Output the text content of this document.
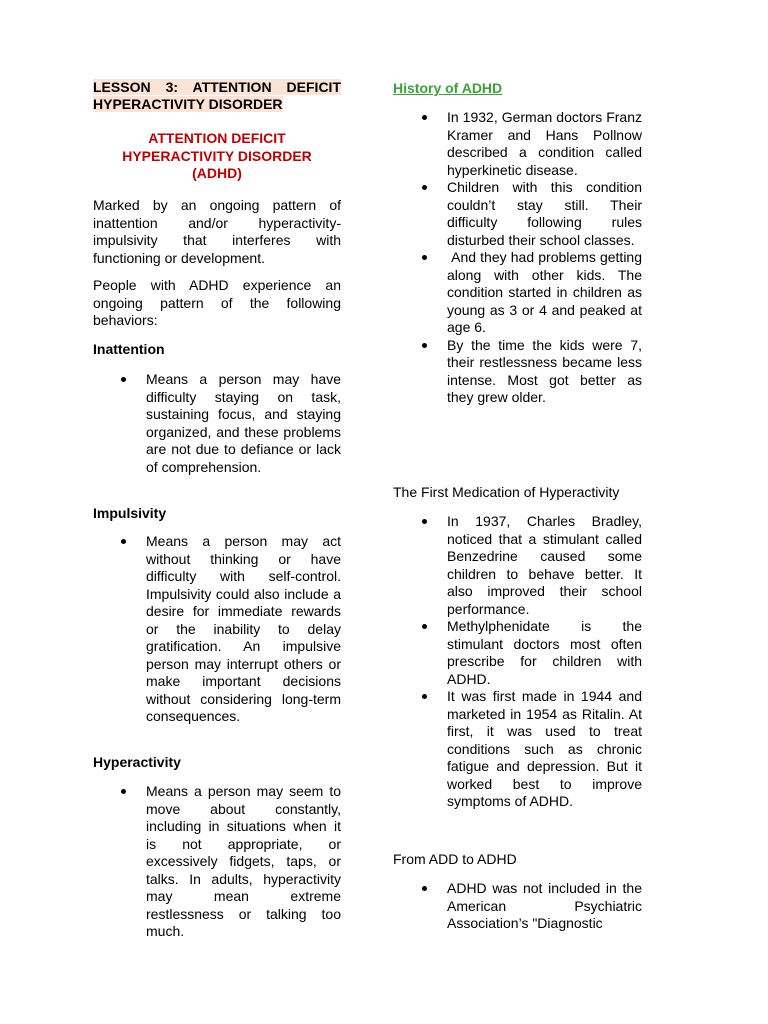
LESSON 3: ATTENTION DEFICIT HYPERACTIVITY DISORDER
ATTENTION DEFICIT
HYPERACTIVITY DISORDER
(ADHD)

Marked by an ongoing pattern of inattention and/or hyperactivity-impulsivity that interferes with functioning or development.

People with ADHD experience an ongoing pattern of the following behaviors:

Inattention

Means a person may have difficulty staying on task, sustaining focus, and staying organized, and these problems are not due to defiance or lack of comprehension.

Impulsivity

Means a person may act without thinking or have difficulty with self-control. Impulsivity could also include a desire for immediate rewards or the inability to delay gratification. An impulsive person may interrupt others or make important decisions without considering long-term consequences.

Hyperactivity

Means a person may seem to move about constantly, including in situations when it is not appropriate, or excessively fidgets, taps, or talks. In adults, hyperactivity may mean extreme restlessness or talking too much.
History of ADHD
In 1932, German doctors Franz Kramer and Hans Pollnow described a condition called hyperkinetic disease.
Children with this condition couldn’t stay still. Their difficulty following rules disturbed their school classes.
And they had problems getting along with other kids. The condition started in children as young as 3 or 4 and peaked at age 6.
By the time the kids were 7, their restlessness became less intense. Most got better as they grew older.

The First Medication of Hyperactivity

In 1937, Charles Bradley, noticed that a stimulant called Benzedrine caused some children to behave better. It also improved their school performance.
Methylphenidate is the stimulant doctors most often prescribe for children with ADHD.
It was first made in 1944 and marketed in 1954 as Ritalin. At first, it was used to treat conditions such as chronic fatigue and depression. But it worked best to improve symptoms of ADHD.

From ADD to ADHD

ADHD was not included in the American Psychiatric Association’s "Diagnostic
